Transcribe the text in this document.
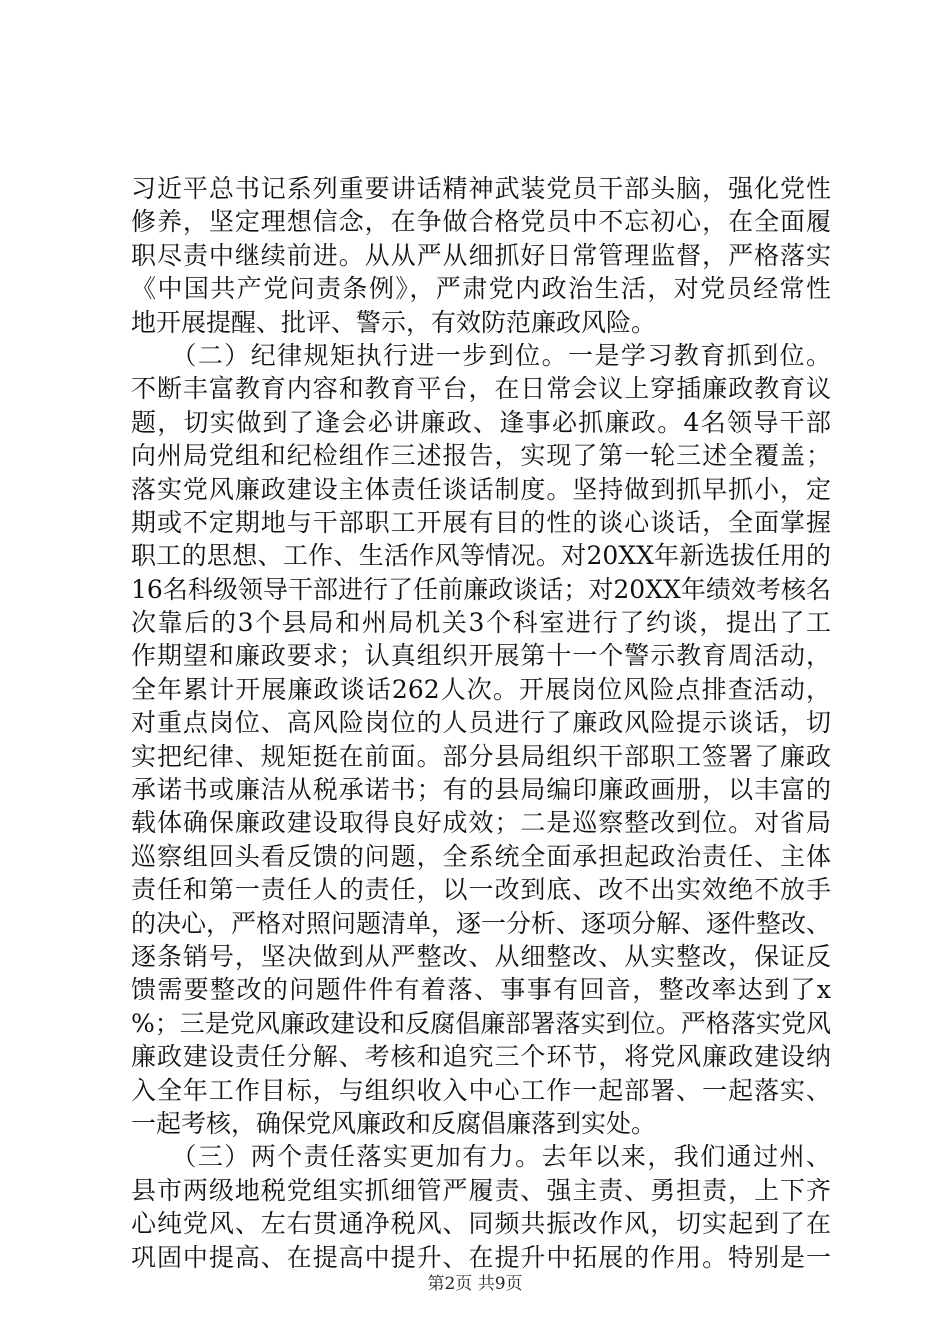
习近平总书记系列重要讲话精神武装党员干部头脑，强化党性
修养，坚定理想信念，在争做合格党员中不忘初心，在全面履
职尽责中继续前进。从从严从细抓好日常管理监督，严格落实
《中国共产党问责条例》，严肃党内政治生活，对党员经常性
地开展提醒、批评、警示，有效防范廉政风险。
　　（二）纪律规矩执行进一步到位。一是学习教育抓到位。
不断丰富教育内容和教育平台，在日常会议上穿插廉政教育议
题，切实做到了逢会必讲廉政、逢事必抓廉政。4名领导干部
向州局党组和纪检组作三述报告，实现了第一轮三述全覆盖；
落实党风廉政建设主体责任谈话制度。坚持做到抓早抓小，定
期或不定期地与干部职工开展有目的性的谈心谈话，全面掌握
职工的思想、工作、生活作风等情况。对20XX年新选拔任用的
16名科级领导干部进行了任前廉政谈话；对20XX年绩效考核名
次靠后的3个县局和州局机关3个科室进行了约谈，提出了工
作期望和廉政要求；认真组织开展第十一个警示教育周活动，
全年累计开展廉政谈话262人次。开展岗位风险点排查活动，
对重点岗位、高风险岗位的人员进行了廉政风险提示谈话，切
实把纪律、规矩挺在前面。部分县局组织干部职工签署了廉政
承诺书或廉洁从税承诺书；有的县局编印廉政画册，以丰富的
载体确保廉政建设取得良好成效；二是巡察整改到位。对省局
巡察组回头看反馈的问题，全系统全面承担起政治责任、主体
责任和第一责任人的责任，以一改到底、改不出实效绝不放手
的决心，严格对照问题清单，逐一分析、逐项分解、逐件整改、
逐条销号，坚决做到从严整改、从细整改、从实整改，保证反
馈需要整改的问题件件有着落、事事有回音，整改率达到了x
%；三是党风廉政建设和反腐倡廉部署落实到位。严格落实党风
廉政建设责任分解、考核和追究三个环节，将党风廉政建设纳
入全年工作目标，与组织收入中心工作一起部署、一起落实、
一起考核，确保党风廉政和反腐倡廉落到实处。
　　（三）两个责任落实更加有力。去年以来，我们通过州、
县市两级地税党组实抓细管严履责、强主责、勇担责，上下齐
心纯党风、左右贯通净税风、同频共振改作风，切实起到了在
巩固中提高、在提高中提升、在提升中拓展的作用。特别是一
第2页 共9页
